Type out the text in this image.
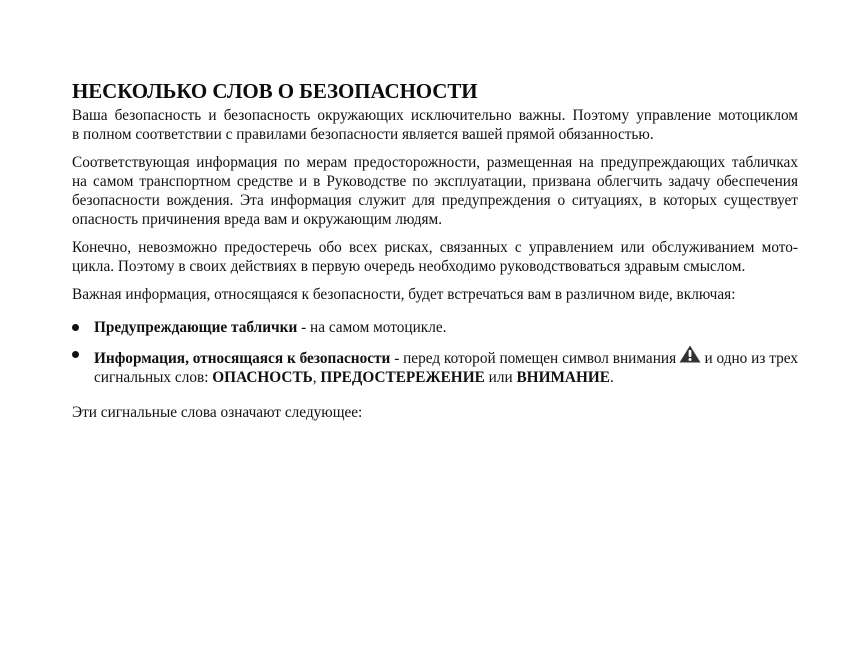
НЕСКОЛЬКО СЛОВ О БЕЗОПАСНОСТИ

Ваша безопасность и безопасность окружающих исключительно важны. Поэтому управление мотоциклом
в полном соответствии с правилами безопасности является вашей прямой обязанностью.

Соответствующая информация по мерам предосторожности, размещенная на предупреждающих табличках
на самом транспортном средстве и в Руководстве по эксплуатации, призвана облегчить задачу обеспечения
безопасности вождения. Эта информация служит для предупреждения о ситуациях, в которых существует
опасность причинения вреда вам и окружающим людям.

Конечно, невозможно предостеречь обо всех рисках, связанных с управлением или обслуживанием мото-
цикла. Поэтому в своих действиях в первую очередь необходимо руководствоваться здравым смыслом.

Важная информация, относящаяся к безопасности, будет встречаться вам в различном виде, включая:

Предупреждающие таблички - на самом мотоцикле.
Информация, относящаяся к безопасности - перед которой помещен символ внимания и одно из трех
сигнальных слов: ОПАСНОСТЬ, ПРЕДОСТЕРЕЖЕНИЕ или ВНИМАНИЕ.

Эти сигнальные слова означают следующее:
